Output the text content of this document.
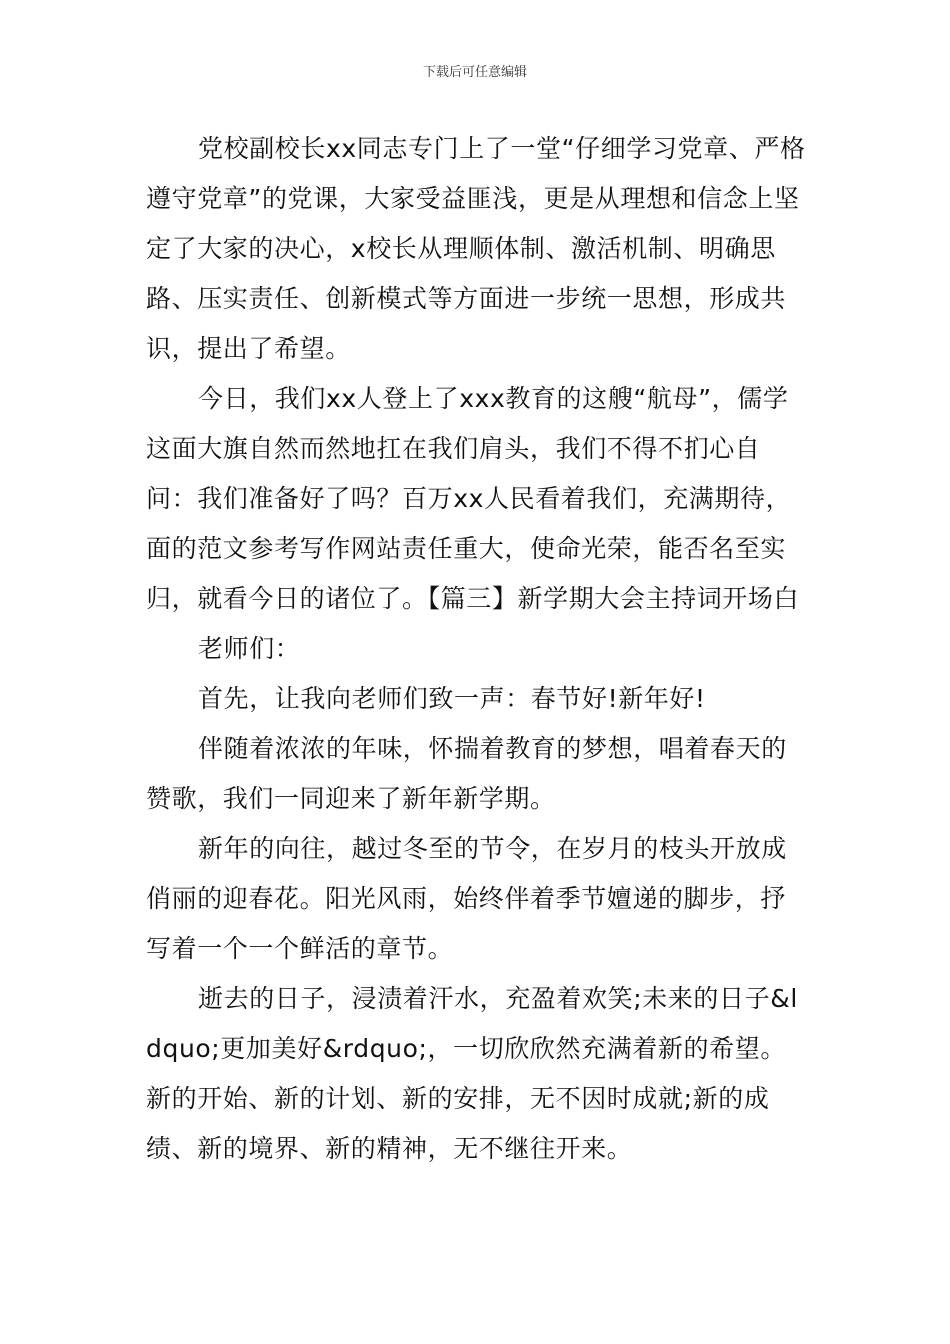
下载后可任意编辑

党校副校长xx同志专门上了一堂“仔细学习党章、严格遵守党章”的党课，大家受益匪浅，更是从理想和信念上坚定了大家的决心，x校长从理顺体制、激活机制、明确思路、压实责任、创新模式等方面进一步统一思想，形成共识，提出了希望。

今日，我们xx人登上了xxx教育的这艘“航母”，儒学这面大旗自然而然地扛在我们肩头，我们不得不扪心自问：我们准备好了吗？百万xx人民看着我们，充满期待，面的范文参考写作网站责任重大，使命光荣，能否名至实归，就看今日的诸位了。【篇三】新学期大会主持词开场白

老师们：

首先，让我向老师们致一声：春节好!新年好!

伴随着浓浓的年味，怀揣着教育的梦想，唱着春天的赞歌，我们一同迎来了新年新学期。

新年的向往，越过冬至的节令，在岁月的枝头开放成俏丽的迎春花。阳光风雨，始终伴着季节嬗递的脚步，抒写着一个一个鲜活的章节。

逝去的日子，浸渍着汗水，充盈着欢笑;未来的日子&ldquo;更加美好&rdquo;，一切欣欣然充满着新的希望。新的开始、新的计划、新的安排，无不因时成就;新的成绩、新的境界、新的精神，无不继往开来。
